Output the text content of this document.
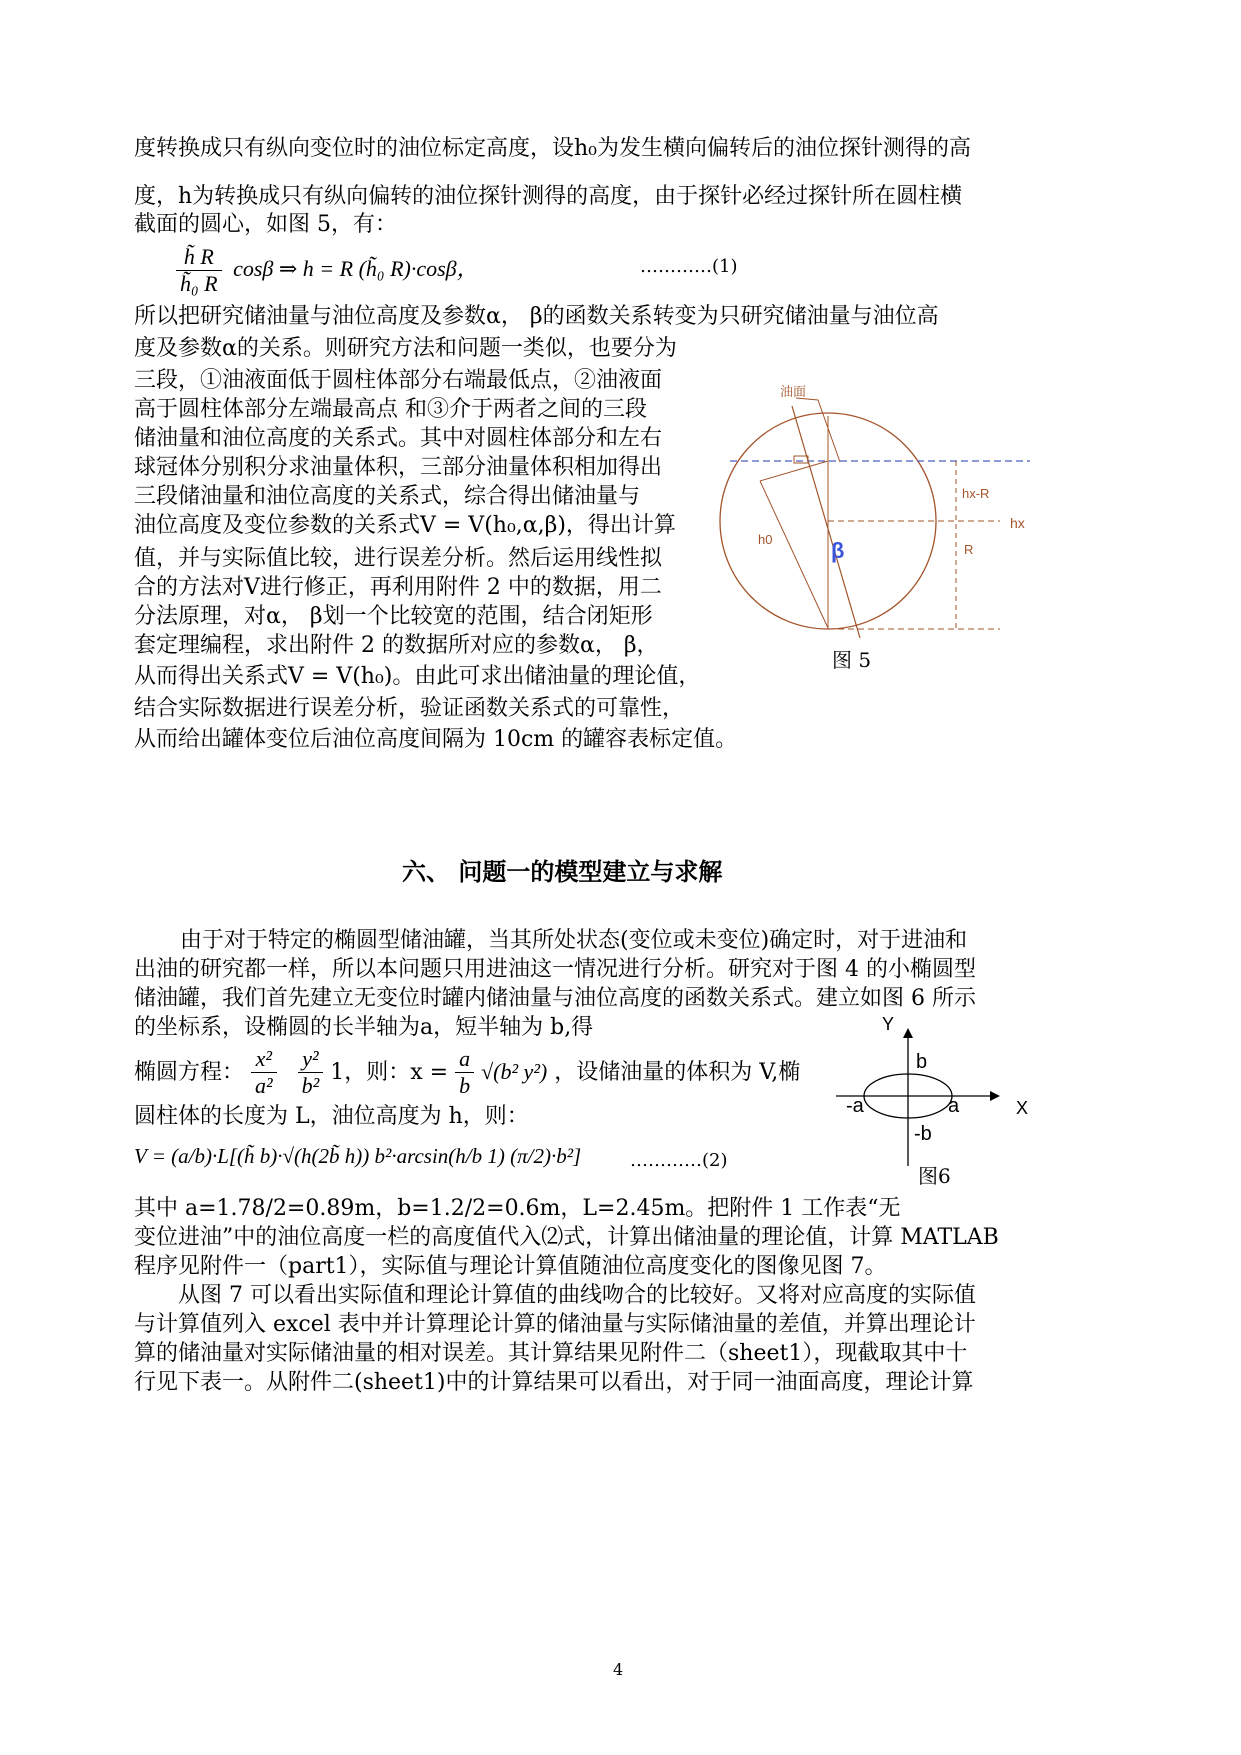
度转换成只有纵向变位时的油位标定高度，设h₀为发生横向偏转后的油位探针测得的高
度，h为转换成只有纵向偏转的油位探针测得的高度，由于探针必经过探针所在圆柱横
截面的圆心，如图 5，有：
$\frac{h̃ R}{\text{h̃₀ R}}$ cosβ ⇒ h = R (h̃₀ R)·cosβ，	…………(1)
所以把研究储油量与油位高度及参数α， β的函数关系转变为只研究储油量与油位高
度及参数α的关系。则研究方法和问题一类似，也要分为
三段，①油液面低于圆柱体部分右端最低点，②油液面
高于圆柱体部分左端最高点 和③介于两者之间的三段
储油量和油位高度的关系式。其中对圆柱体部分和左右
球冠体分别积分求油量体积，三部分油量体积相加得出
三段储油量和油位高度的关系式，综合得出储油量与
油位高度及变位参数的关系式V = V(h₀,α,β)，得出计算
值，并与实际值比较，进行误差分析。然后运用线性拟
合的方法对V进行修正，再利用附件 2 中的数据，用二
分法原理，对α， β划一个比较宽的范围，结合闭矩形
套定理编程，求出附件 2 的数据所对应的参数α， β，
从而得出关系式V = V(h₀)。由此可求出储油量的理论值，
结合实际数据进行误差分析，验证函数关系式的可靠性，
从而给出罐体变位后油位高度间隔为 10cm 的罐容表标定值。
油面
hx-R
hx
R
h0	β
图 5
六、 问题一的模型建立与求解
由于对于特定的椭圆型储油罐，当其所处状态(变位或未变位)确定时，对于进油和
出油的研究都一样，所以本问题只用进油这一情况进行分析。研究对于图 4 的小椭圆型
储油罐，我们首先建立无变位时罐内储油量与油位高度的函数关系式。建立如图 6 所示
的坐标系，设椭圆的长半轴为a，短半轴为 b,得
椭圆方程： $\frac{\text{x²}}{\text{a²}}$
$\frac{\text{y²}}{\text{b²}} 1$，则：$x = \frac{a}{b} √(b^2$ y²) ，设储油量的体积为 V,椭
圆柱体的长度为 L，油位高度为 h，则：
V = (a/b)·L[(h̃ b)·√(h(2b̃ h)) b²·arcsin(h/b 1) (π/2)·b²]	…………(2)
Y
X
b
a
-a
-b
图6
其中 a=1.78/2=0.89m，b=1.2/2=0.6m，L=2.45m。把附件 1 工作表“无
变位进油”中的油位高度一栏的高度值代入⑵式，计算出储油量的理论值，计算 MATLAB
程序见附件一（part1），实际值与理论计算值随油位高度变化的图像见图 7。
从图 7 可以看出实际值和理论计算值的曲线吻合的比较好。又将对应高度的实际值
与计算值列入 excel 表中并计算理论计算的储油量与实际储油量的差值，并算出理论计
算的储油量对实际储油量的相对误差。其计算结果见附件二（sheet1），现截取其中十
行见下表一。从附件二(sheet1)中的计算结果可以看出，对于同一油面高度，理论计算
4
